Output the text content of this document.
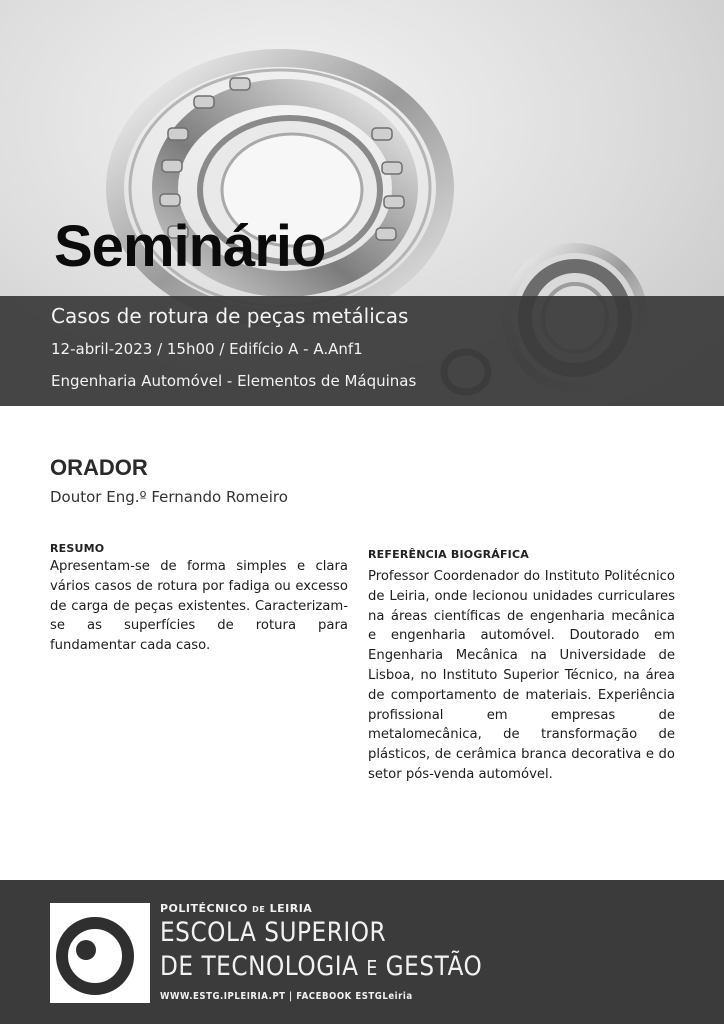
Seminário
Casos de rotura de peças metálicas
12-abril-2023 / 15h00 / Edifício A - A.Anf1
Engenharia Automóvel - Elementos de Máquinas
ORADOR
Doutor Eng.º Fernando Romeiro
RESUMO
Apresentam-se de forma simples e clara vários casos de rotura por fadiga ou excesso de carga de peças existentes. Caracterizam-se as superfícies de rotura para fundamentar cada caso.
REFERÊNCIA BIOGRÁFICA
Professor Coordenador do Instituto Politécnico de Leiria, onde lecionou unidades curriculares na áreas científicas de engenharia mecânica e engenharia automóvel. Doutorado em Engenharia Mecânica na Universidade de Lisboa, no Instituto Superior Técnico, na área de comportamento de materiais. Experiência profissional em empresas de metalomecânica, de transformação de plásticos, de cerâmica branca decorativa e do setor pós-venda automóvel.
POLITÉCNICO DE LEIRIA
ESCOLA SUPERIOR
DE TECNOLOGIA E GESTÃO
WWW.ESTG.IPLEIRIA.PT | FACEBOOK ESTGLeiria
